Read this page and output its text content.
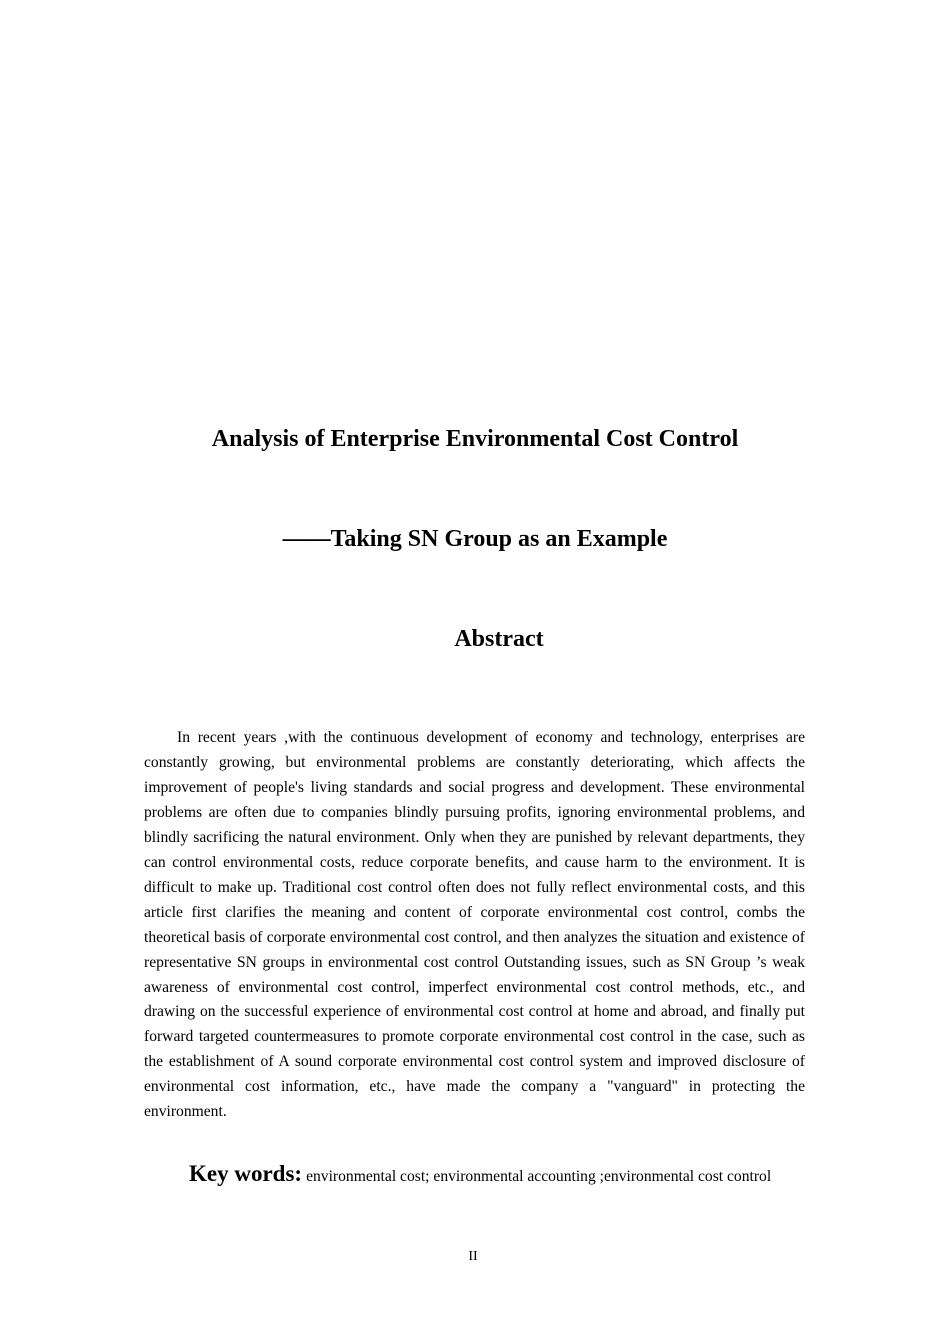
Analysis of Enterprise Environmental Cost Control
——Taking SN Group as an Example
Abstract

In recent years ,with the continuous development of economy and technology, enterprises are constantly growing, but environmental problems are constantly deteriorating, which affects the improvement of people's living standards and social progress and development. These environmental problems are often due to companies blindly pursuing profits, ignoring environmental problems, and blindly sacrificing the natural environment. Only when they are punished by relevant departments, they can control environmental costs, reduce corporate benefits, and cause harm to the environment. It is difficult to make up. Traditional cost control often does not fully reflect environmental costs, and this article first clarifies the meaning and content of corporate environmental cost control, combs the theoretical basis of corporate environmental cost control, and then analyzes the situation and existence of representative SN groups in environmental cost control Outstanding issues, such as SN Group ’s weak awareness of environmental cost control, imperfect environmental cost control methods, etc., and drawing on the successful experience of environmental cost control at home and abroad, and finally put forward targeted countermeasures to promote corporate environmental cost control in the case, such as the establishment of A sound corporate environmental cost control system and improved disclosure of environmental cost information, etc., have made the company a "vanguard" in protecting the environment.

Key words: environmental cost; environmental accounting ;environmental cost control
II
